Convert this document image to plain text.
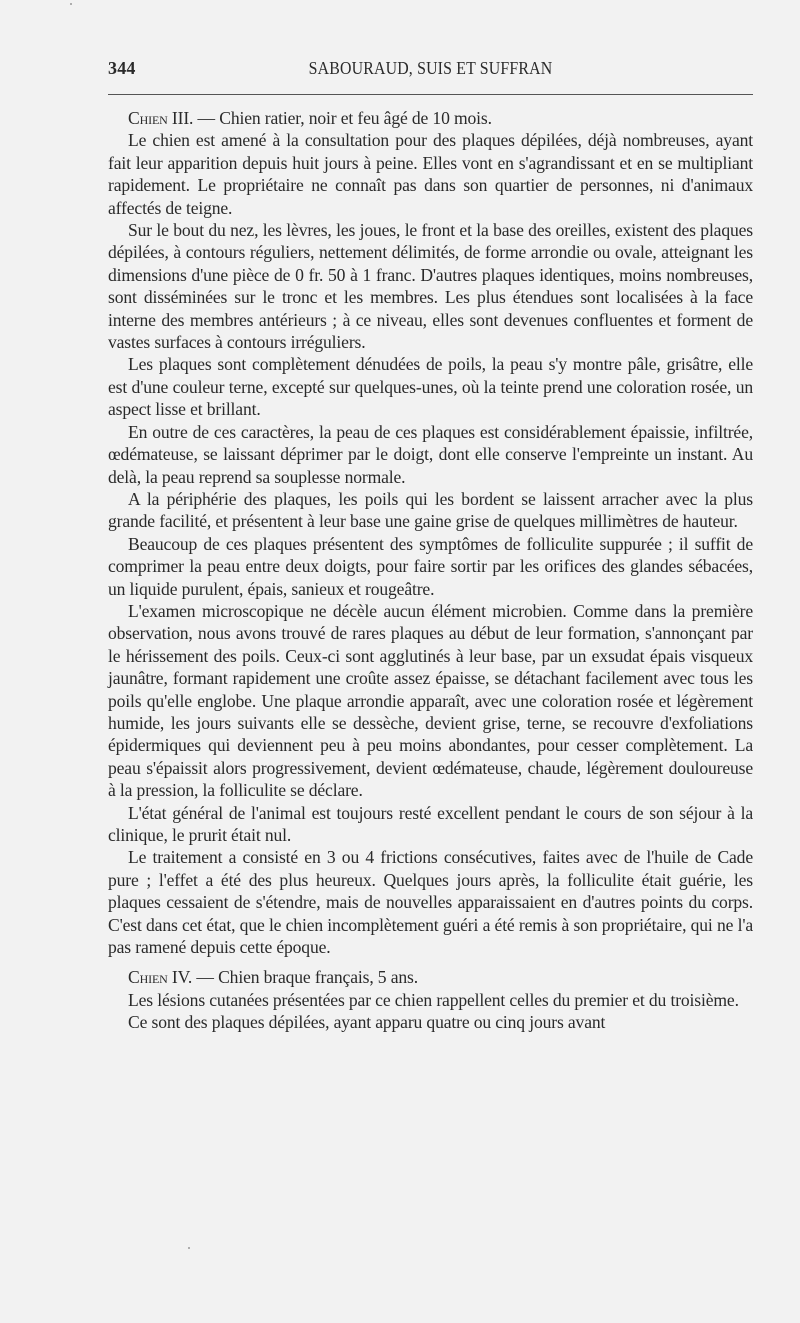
344	SABOURAUD, SUIS ET SUFFRAN

Chien III. — Chien ratier, noir et feu âgé de 10 mois.

Le chien est amené à la consultation pour des plaques dépilées, déjà nombreuses, ayant fait leur apparition depuis huit jours à peine. Elles vont en s'agrandissant et en se multipliant rapidement. Le propriétaire ne connaît pas dans son quartier de personnes, ni d'animaux affectés de teigne.

Sur le bout du nez, les lèvres, les joues, le front et la base des oreilles, existent des plaques dépilées, à contours réguliers, nettement délimités, de forme arrondie ou ovale, atteignant les dimensions d'une pièce de 0 fr. 50 à 1 franc. D'autres plaques identiques, moins nombreuses, sont disséminées sur le tronc et les membres. Les plus étendues sont localisées à la face interne des membres antérieurs ; à ce niveau, elles sont devenues confluentes et forment de vastes surfaces à contours irréguliers.

Les plaques sont complètement dénudées de poils, la peau s'y montre pâle, grisâtre, elle est d'une couleur terne, excepté sur quelques-unes, où la teinte prend une coloration rosée, un aspect lisse et brillant.

En outre de ces caractères, la peau de ces plaques est considérablement épaissie, infiltrée, œdémateuse, se laissant déprimer par le doigt, dont elle conserve l'empreinte un instant. Au delà, la peau reprend sa souplesse normale.

A la périphérie des plaques, les poils qui les bordent se laissent arracher avec la plus grande facilité, et présentent à leur base une gaine grise de quelques millimètres de hauteur.

Beaucoup de ces plaques présentent des symptômes de folliculite suppurée ; il suffit de comprimer la peau entre deux doigts, pour faire sortir par les orifices des glandes sébacées, un liquide purulent, épais, sanieux et rougeâtre.

L'examen microscopique ne décèle aucun élément microbien. Comme dans la première observation, nous avons trouvé de rares plaques au début de leur formation, s'annonçant par le hérissement des poils. Ceux-ci sont agglutinés à leur base, par un exsudat épais visqueux jaunâtre, formant rapidement une croûte assez épaisse, se détachant facilement avec tous les poils qu'elle englobe. Une plaque arrondie apparaît, avec une coloration rosée et légèrement humide, les jours suivants elle se dessèche, devient grise, terne, se recouvre d'exfoliations épidermiques qui deviennent peu à peu moins abondantes, pour cesser complètement. La peau s'épaissit alors progressivement, devient œdémateuse, chaude, légèrement douloureuse à la pression, la folliculite se déclare.

L'état général de l'animal est toujours resté excellent pendant le cours de son séjour à la clinique, le prurit était nul.

Le traitement a consisté en 3 ou 4 frictions consécutives, faites avec de l'huile de Cade pure ; l'effet a été des plus heureux. Quelques jours après, la folliculite était guérie, les plaques cessaient de s'étendre, mais de nouvelles apparaissaient en d'autres points du corps. C'est dans cet état, que le chien incomplètement guéri a été remis à son propriétaire, qui ne l'a pas ramené depuis cette époque.

Chien IV. — Chien braque français, 5 ans.

Les lésions cutanées présentées par ce chien rappellent celles du premier et du troisième.

Ce sont des plaques dépilées, ayant apparu quatre ou cinq jours avant
